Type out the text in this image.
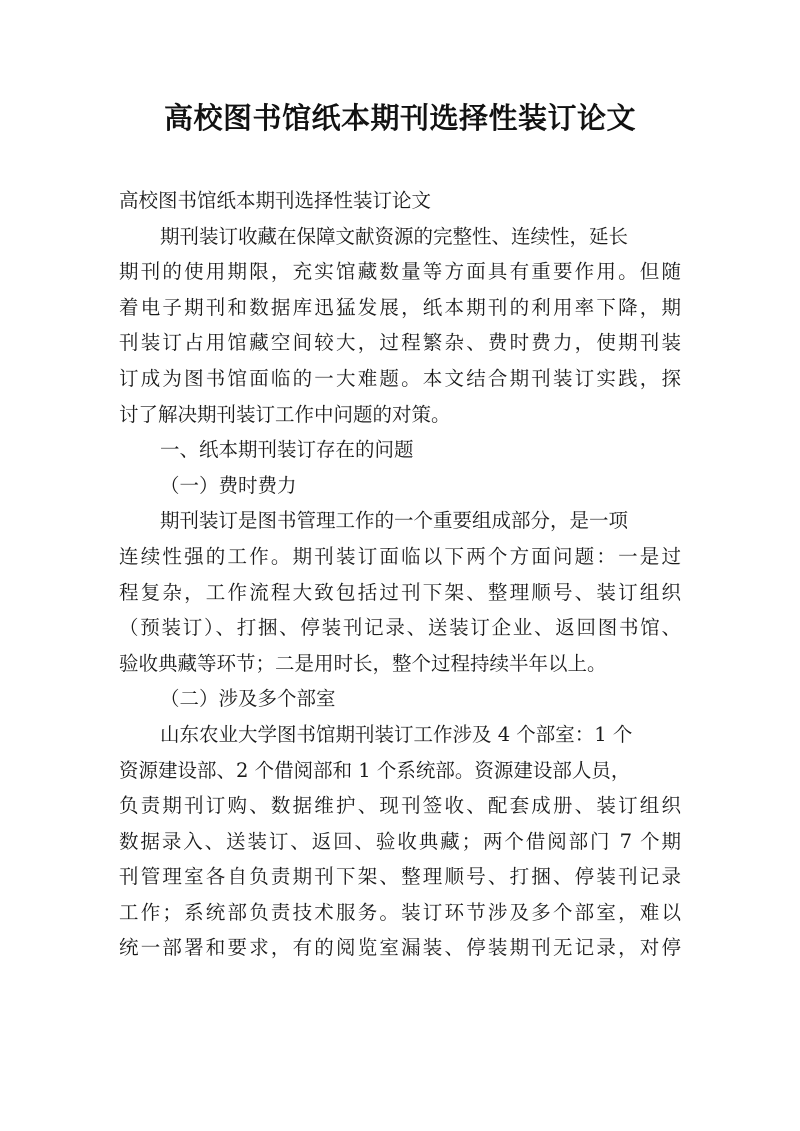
高校图书馆纸本期刊选择性装订论文
高校图书馆纸本期刊选择性装订论文
期刊装订收藏在保障文献资源的完整性、连续性，延长
期刊的使用期限，充实馆藏数量等方面具有重要作用。但随
着电子期刊和数据库迅猛发展，纸本期刊的利用率下降，期
刊装订占用馆藏空间较大，过程繁杂、费时费力，使期刊装
订成为图书馆面临的一大难题。本文结合期刊装订实践，探
讨了解决期刊装订工作中问题的对策。
一、纸本期刊装订存在的问题
（一）费时费力
期刊装订是图书管理工作的一个重要组成部分，是一项
连续性强的工作。期刊装订面临以下两个方面问题：一是过
程复杂，工作流程大致包括过刊下架、整理顺号、装订组织
（预装订）、打捆、停装刊记录、送装订企业、返回图书馆、
验收典藏等环节；二是用时长，整个过程持续半年以上。
（二）涉及多个部室
山东农业大学图书馆期刊装订工作涉及 4 个部室：1 个
资源建设部、2 个借阅部和 1 个系统部。资源建设部人员，
负责期刊订购、数据维护、现刊签收、配套成册、装订组织
数据录入、送装订、返回、验收典藏；两个借阅部门 7 个期
刊管理室各自负责期刊下架、整理顺号、打捆、停装刊记录
工作；系统部负责技术服务。装订环节涉及多个部室，难以
统一部署和要求，有的阅览室漏装、停装期刊无记录，对停
